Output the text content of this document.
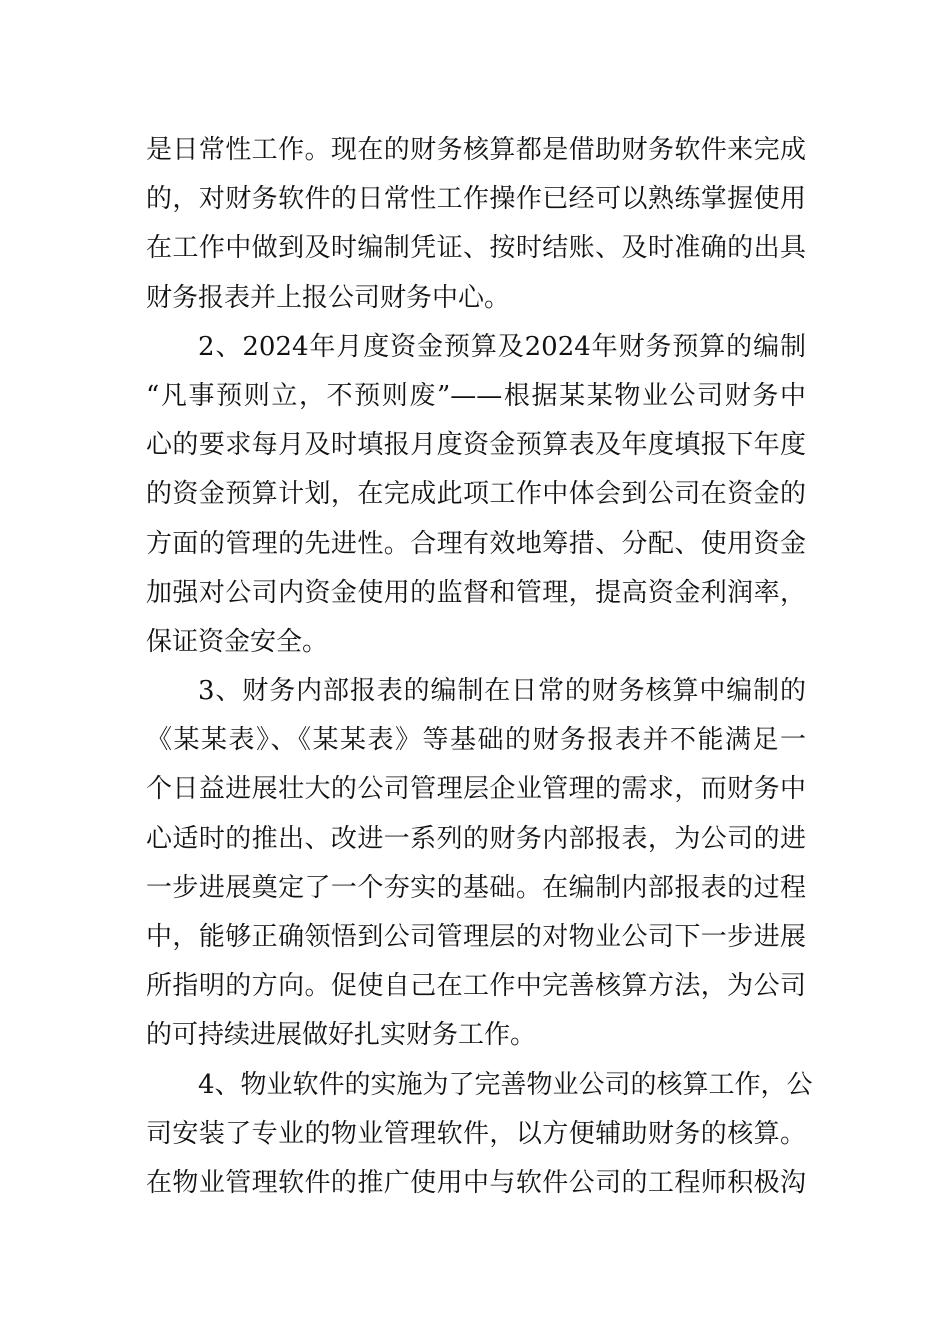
是日常性工作。现在的财务核算都是借助财务软件来完成
的，对财务软件的日常性工作操作已经可以熟练掌握使用
在工作中做到及时编制凭证、按时结账、及时准确的出具
财务报表并上报公司财务中心。
2、2024年月度资金预算及2024年财务预算的编制
“凡事预则立，不预则废”——根据某某物业公司财务中
心的要求每月及时填报月度资金预算表及年度填报下年度
的资金预算计划，在完成此项工作中体会到公司在资金的
方面的管理的先进性。合理有效地筹措、分配、使用资金
加强对公司内资金使用的监督和管理，提高资金利润率，
保证资金安全。
3、财务内部报表的编制在日常的财务核算中编制的
《某某表》、《某某表》等基础的财务报表并不能满足一
个日益进展壮大的公司管理层企业管理的需求，而财务中
心适时的推出、改进一系列的财务内部报表，为公司的进
一步进展奠定了一个夯实的基础。在编制内部报表的过程
中，能够正确领悟到公司管理层的对物业公司下一步进展
所指明的方向。促使自己在工作中完善核算方法，为公司
的可持续进展做好扎实财务工作。
4、物业软件的实施为了完善物业公司的核算工作，公
司安装了专业的物业管理软件，以方便辅助财务的核算。
在物业管理软件的推广使用中与软件公司的工程师积极沟
